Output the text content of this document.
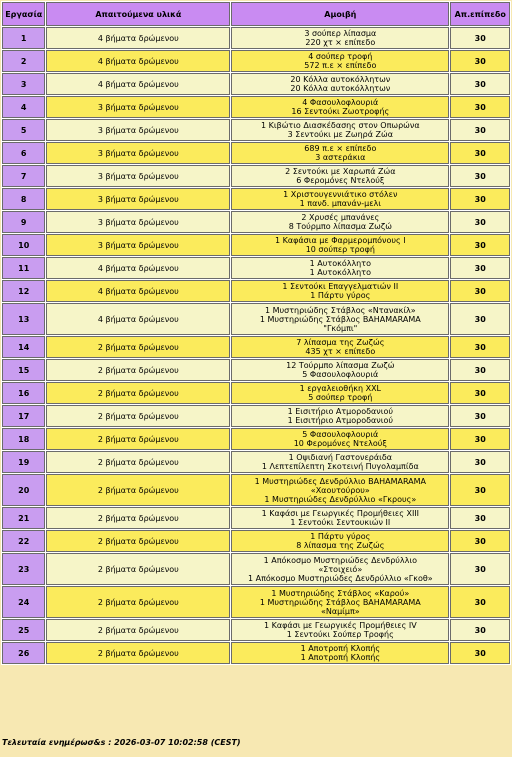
Εργασία	Απαιτούμενα υλικά	Αμοιβή	Απ.επίπεδο
1	4 βήματα δρώμενου	3 σούπερ λίπασμα
220 χτ × επίπεδο	30
2	4 βήματα δρώμενου	4 σούπερ τροφή
572 π.ε × επίπεδο	30
3	4 βήματα δρώμενου	20 Κόλλα αυτοκόλλητων
20 Κόλλα αυτοκόλλητων	30
4	3 βήματα δρώμενου	4 Φασουλοφλουριά
16 Σεντούκι Ζωοτροφής	30
5	3 βήματα δρώμενου	1 Κιβώτιο Διασκέδασης στον Οπωρώνα
3 Σεντούκι με Ζωηρά Ζώα	30
6	3 βήματα δρώμενου	689 π.ε × επίπεδο
3 αστεράκια	30
7	3 βήματα δρώμενου	2 Σεντούκι με Χαρωπά Ζώα
6 Φερομόνες Ντελούξ	30
8	3 βήματα δρώμενου	1 Χριστουγεννιάτικο στόλεν
1 πανδ. μπανάν-μελι	30
9	3 βήματα δρώμενου	2 Χρυσές μπανάνες
8 Τούρμπο λίπασμα Ζωζώ	30
10	3 βήματα δρώμενου	1 Καφάσια με Φαρμερομπόνους I
10 σούπερ τροφή	30
11	4 βήματα δρώμενου	1 Αυτοκόλλητο
1 Αυτοκόλλητο	30
12	4 βήματα δρώμενου	1 Σεντούκι Επαγγελματιών II
1 Πάρτυ γύρος	30
13	4 βήματα δρώμενου	1 Μυστηριώδης Στάβλος «Ντανακίλ»
1 Μυστηριώδης Στάβλος BAHAMARAMA
"Γκόμπι"	30
14	2 βήματα δρώμενου	7 λίπασμα της Ζωζώς
435 χτ × επίπεδο	30
15	2 βήματα δρώμενου	12 Τούρμπο λίπασμα Ζωζώ
5 Φασουλοφλουριά	30
16	2 βήματα δρώμενου	1 εργαλειοθήκη XXL
5 σούπερ τροφή	30
17	2 βήματα δρώμενου	1 Εισιτήριο Ατμοροδανιού
1 Εισιτήριο Ατμοροδανιού	30
18	2 βήματα δρώμενου	5 Φασουλοφλουριά
10 Φερομόνες Ντελούξ	30
19	2 βήματα δρώμενου	1 Οψιδιανή Γαστονεράιδα
1 Λεπτεπίλεπτη Σκοτεινή Πυγολαμπίδα	30
20	2 βήματα δρώμενου	1 Μυστηριώδες Δενδρύλλιο BAHAMARAMA
«Χαουτούρου»
1 Μυστηριώδες Δενδρύλλιο «Γκρους»	30
21	2 βήματα δρώμενου	1 Καφάσι με Γεωργικές Προμήθειες XIII
1 Σεντούκι Σεντουκιών II	30
22	2 βήματα δρώμενου	1 Πάρτυ γύρος
8 λίπασμα της Ζωζώς	30
23	2 βήματα δρώμενου	1 Απόκοσμο Μυστηριώδες Δενδρύλλιο
«Στοιχειό»
1 Απόκοσμο Μυστηριώδες Δενδρύλλιο «Γκοθ»	30
24	2 βήματα δρώμενου	1 Μυστηριώδης Στάβλος «Καρού»
1 Μυστηριώδης Στάβλος BAHAMARAMA
«Ναμίμπ»	30
25	2 βήματα δρώμενου	1 Καφάσι με Γεωργικές Προμήθειες IV
1 Σεντούκι Σούπερ Τροφής	30
26	2 βήματα δρώμενου	1 Αποτροπή Κλοπής
1 Αποτροπή Κλοπής	30
Τελευταία ενημέρωσ&s : 2026-03-07 10:02:58 (CEST)
